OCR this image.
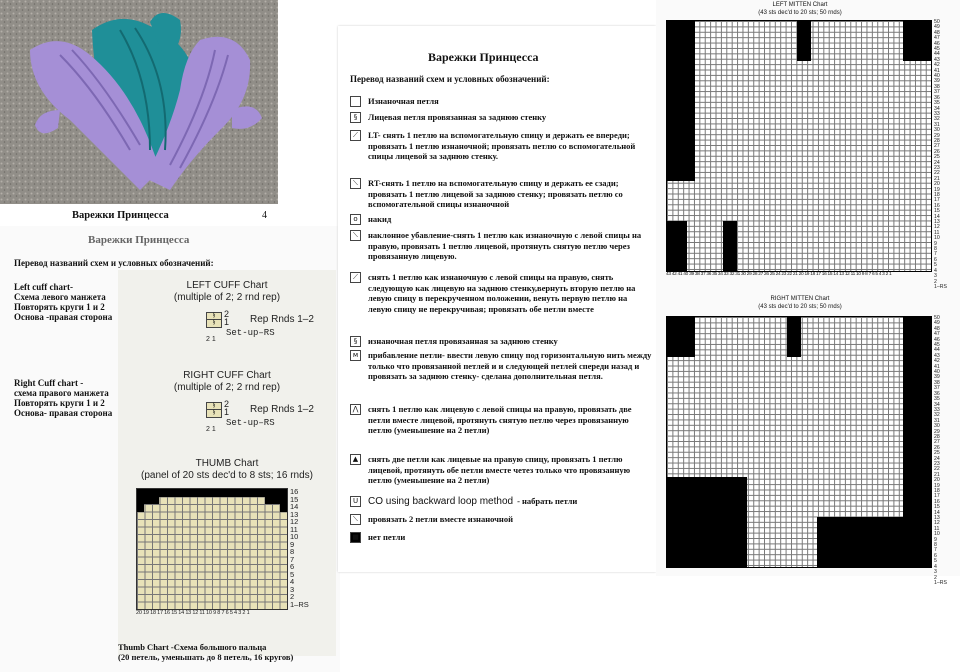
Варежки Принцесса	4
Варежки Принцесса
Перевод названий схем и условных обозначений:
Left cuff chart-
Схема левого манжета
Повторять круги 1 и 2
Основа -правая сторона
Right Cuff chart -
схема правого манжета
Повторять круги 1 и 2
Основа- правая сторона
LEFT CUFF Chart
(multiple of 2; 2 rnd rep)
§
§
2
1 Rep Rnds 1–2
Set-up–RS
2 1
RIGHT CUFF Chart
(multiple of 2; 2 rnd rep)
§
§
2
1 Rep Rnds 1–2
Set-up–RS
2 1
THUMB Chart
(panel of 20 sts dec'd to 8 sts; 16 rnds)
16
15
14
13
12
11
10
9
8
7
6
5
4
3
2
1–RS
20 19 18 17 16 15 14 13 12 11 10 9 8 7 6 5 4 3 2 1
Thumb Chart -Схема большого пальца
(20 петель, уменьшать до 8 петель, 16 кругов)
Варежки Принцесса
Перевод названий схем и условных обозначений:
Изнаночная петля
§	Лицевая петля провязанная за заднюю стенку
⟋	LT- снять 1 петлю на вспомогательную спицу и держать ее впереди; провязать 1 петлю изнаночной; провязать петлю со вспомогательной спицы лицевой за заднюю стенку.
⟍	RT-снять 1 петлю на вспомогательную спицу и держать ее сзади; провязать 1 петлю лицевой за заднюю стенку; провязать петлю со вспомогательной спицы изнаночной
o	накид
⟍	наклонное убавление-снять 1 петлю как изнаночную с левой спицы на правую, провязать 1 петлю лицевой, протянуть снятую петлю через провязанную лицевую.
⟋	снять 1 петлю как изнаночную с левой спицы на правую, снять следующую как лицевую на заднюю стенку,вернуть вторую петлю на левую спицу в перекрученном положении, венуть первую петлю на левую спицу не перекручивая; провязать обе петли вместе
§	изнаночная петля провязанная за заднюю стенку
м	прибавление петли- ввести левую спицу под горизонтальную нить между только что провязанной петлей и и следующей петлей спереди назад и провязать за заднюю стенку- сделана дополнительная петля.
⋀	снять 1 петлю как лицевую с левой спицы на правую, провязать две петли вместе лицевой, протянуть снятую петлю через провязанную петлю (уменьшение на 2 петли)
▲	снять две петли как лицевые на правую спицу, провязать 1 петлю лицевой, протянуть обе петли вместе четез только что провязанную петлю (уменьшение на 2 петли)
U CO using backward loop method - набрать петли
⟍	провязать 2 петли вместе изнаночной
■ нет петли
LEFT MITTEN Chart
(43 sts dec'd to 20 sts; 50 rnds)
50
49
48
47
46
45
44
43
42
41
40
39
38
37
36
35
34
33
32
31
30
29
28
27
26
25
24
23
22
21
20
19
18
17
16
15
14
13
12
11
10
9
8
7
6
5
4
3
2
1–RS
43 42 41 40 39 38 37 36 35 34 33 32 31 30 29 28 27 26 25 24 23 22 21 20 19 18 17 16 15 14 13 12 11 10 9 8 7 6 5 4 3 2 1
RIGHT MITTEN Chart
(43 sts dec'd to 20 sts; 50 rnds)
50
49
48
47
46
45
44
43
42
41
40
39
38
37
36
35
34
33
32
31
30
29
28
27
26
25
24
23
22
21
20
19
18
17
16
15
14
13
12
11
10
9
8
7
6
5
4
3
2
1–RS
